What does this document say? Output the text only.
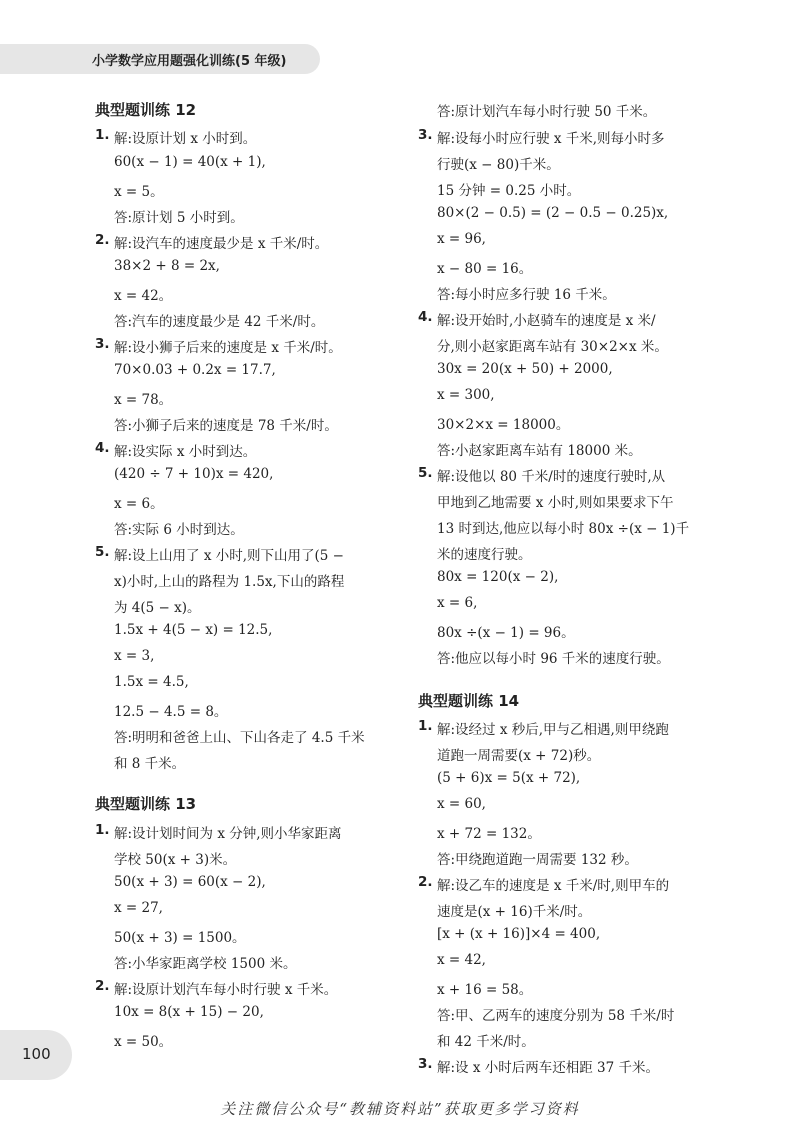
小学数学应用题强化训练(5 年级)
典型题训练 12
1. 解:设原计划 x 小时到。
60(x − 1) = 40(x + 1),
x = 5。
答:原计划 5 小时到。
2. 解:设汽车的速度最少是 x 千米/时。
38×2 + 8 = 2x,
x = 42。
答:汽车的速度最少是 42 千米/时。
3. 解:设小狮子后来的速度是 x 千米/时。
70×0.03 + 0.2x = 17.7,
x = 78。
答:小狮子后来的速度是 78 千米/时。
4. 解:设实际 x 小时到达。
(420 ÷ 7 + 10)x = 420,
x = 6。
答:实际 6 小时到达。
5. 解:设上山用了 x 小时,则下山用了(5 −
x)小时,上山的路程为 1.5x,下山的路程
为 4(5 − x)。
1.5x + 4(5 − x) = 12.5,
x = 3,
1.5x = 4.5,
12.5 − 4.5 = 8。
答:明明和爸爸上山、下山各走了 4.5 千米
和 8 千米。
典型题训练 13
1. 解:设计划时间为 x 分钟,则小华家距离
学校 50(x + 3)米。
50(x + 3) = 60(x − 2),
x = 27,
50(x + 3) = 1500。
答:小华家距离学校 1500 米。
2. 解:设原计划汽车每小时行驶 x 千米。
10x = 8(x + 15) − 20,
x = 50。
答:原计划汽车每小时行驶 50 千米。
3. 解:设每小时应行驶 x 千米,则每小时多
行驶(x − 80)千米。
15 分钟 = 0.25 小时。
80×(2 − 0.5) = (2 − 0.5 − 0.25)x,
x = 96,
x − 80 = 16。
答:每小时应多行驶 16 千米。
4. 解:设开始时,小赵骑车的速度是 x 米/
分,则小赵家距离车站有 30×2×x 米。
30x = 20(x + 50) + 2000,
x = 300,
30×2×x = 18000。
答:小赵家距离车站有 18000 米。
5. 解:设他以 80 千米/时的速度行驶时,从
甲地到乙地需要 x 小时,则如果要求下午
13 时到达,他应以每小时 80x ÷(x − 1)千
米的速度行驶。
80x = 120(x − 2),
x = 6,
80x ÷(x − 1) = 96。
答:他应以每小时 96 千米的速度行驶。
典型题训练 14
1. 解:设经过 x 秒后,甲与乙相遇,则甲绕跑
道跑一周需要(x + 72)秒。
(5 + 6)x = 5(x + 72),
x = 60,
x + 72 = 132。
答:甲绕跑道跑一周需要 132 秒。
2. 解:设乙车的速度是 x 千米/时,则甲车的
速度是(x + 16)千米/时。
[x + (x + 16)]×4 = 400,
x = 42,
x + 16 = 58。
答:甲、乙两车的速度分别为 58 千米/时
和 42 千米/时。
3. 解:设 x 小时后两车还相距 37 千米。
100
关注微信公众号“教辅资料站”获取更多学习资料
